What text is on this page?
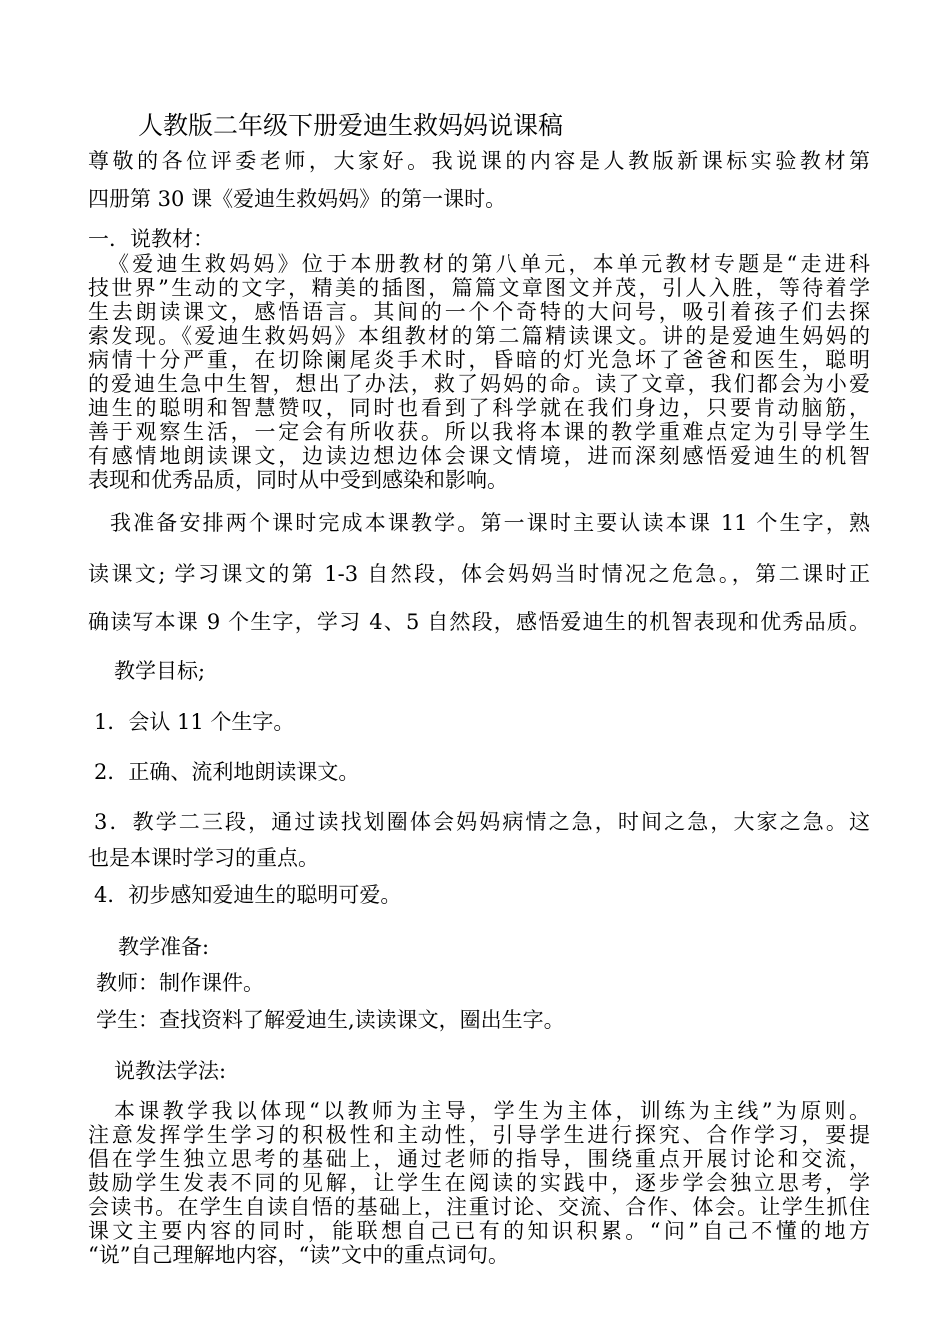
人教版二年级下册爱迪生救妈妈说课稿
尊敬的各位评委老师，大家好。我说课的内容是人教版新课标实验教材第
四册第 30 课《爱迪生救妈妈》的第一课时。
一．说教材：
《爱迪生救妈妈》位于本册教材的第八单元，本单元教材专题是“走进科
技世界”生动的文字，精美的插图，篇篇文章图文并茂，引人入胜，等待着学
生去朗读课文，感悟语言。其间的一个个奇特的大问号，吸引着孩子们去探
索发现。《爱迪生救妈妈》本组教材的第二篇精读课文。讲的是爱迪生妈妈的
病情十分严重，在切除阑尾炎手术时，昏暗的灯光急坏了爸爸和医生，聪明
的爱迪生急中生智，想出了办法，救了妈妈的命。读了文章，我们都会为小爱
迪生的聪明和智慧赞叹，同时也看到了科学就在我们身边，只要肯动脑筋，
善于观察生活，一定会有所收获。所以我将本课的教学重难点定为引导学生
有感情地朗读课文，边读边想边体会课文情境，进而深刻感悟爱迪生的机智
表现和优秀品质，同时从中受到感染和影响。
我准备安排两个课时完成本课教学。第一课时主要认读本课 11 个生字，熟
读课文; 学习课文的第 1-3 自然段，体会妈妈当时情况之危急。，第二课时正
确读写本课 9 个生字，学习 4、5 自然段，感悟爱迪生的机智表现和优秀品质。
教学目标;
1．会认 11 个生字。
2．正确、流利地朗读课文。
3．教学二三段，通过读找划圈体会妈妈病情之急，时间之急，大家之急。这
也是本课时学习的重点。
4．初步感知爱迪生的聪明可爱。
教学准备:
教师：制作课件。
学生：查找资料了解爱迪生,读读课文，圈出生字。
说教法学法:
本课教学我以体现“以教师为主导，学生为主体，训练为主线”为原则。
注意发挥学生学习的积极性和主动性，引导学生进行探究、合作学习，要提
倡在学生独立思考的基础上，通过老师的指导，围绕重点开展讨论和交流，
鼓励学生发表不同的见解，让学生在阅读的实践中，逐步学会独立思考，学
会读书。在学生自读自悟的基础上，注重讨论、交流、合作、体会。让学生抓住
课文主要内容的同时，能联想自己已有的知识积累。“问”自己不懂的地方
“说”自己理解地内容，“读”文中的重点词句。
